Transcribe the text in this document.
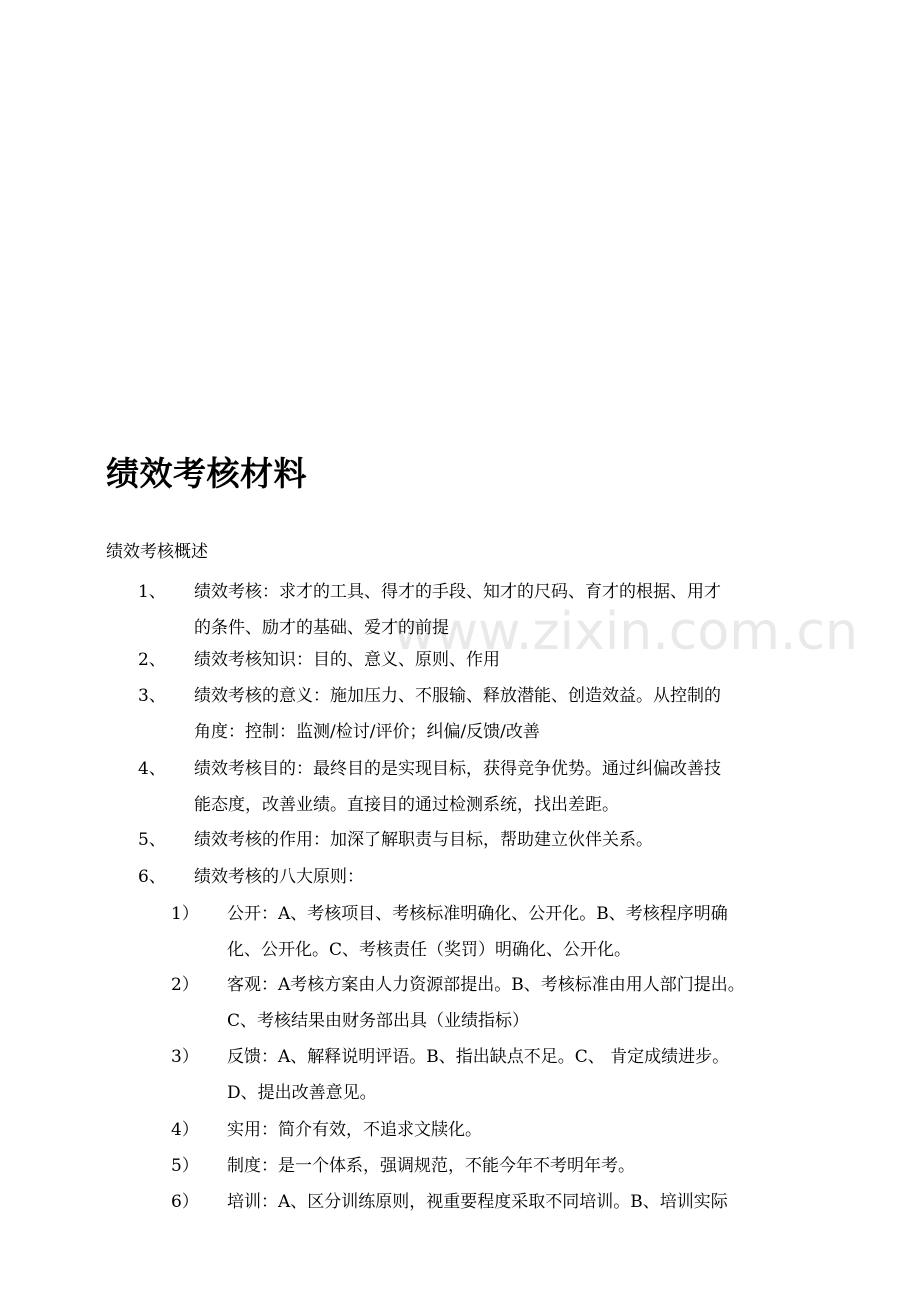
www.zixin.com.cn
绩效考核材料
绩效考核概述
1、 绩效考核：求才的工具、得才的手段、知才的尺码、育才的根据、用才
的条件、励才的基础、爱才的前提
2、 绩效考核知识：目的、意义、原则、作用
3、 绩效考核的意义：施加压力、不服输、释放潜能、创造效益。从控制的
角度：控制：监测/检讨/评价；纠偏/反馈/改善
4、 绩效考核目的：最终目的是实现目标，获得竞争优势。通过纠偏改善技
能态度，改善业绩。直接目的通过检测系统，找出差距。
5、 绩效考核的作用：加深了解职责与目标，帮助建立伙伴关系。
6、 绩效考核的八大原则：
1） 公开：A、考核项目、考核标准明确化、公开化。B、考核程序明确
化、公开化。C、考核责任（奖罚）明确化、公开化。
2） 客观：A考核方案由人力资源部提出。B、考核标准由用人部门提出。
C、考核结果由财务部出具（业绩指标）
3） 反馈：A、解释说明评语。B、指出缺点不足。C、 肯定成绩进步。
D、提出改善意见。
4） 实用：简介有效，不追求文牍化。
5） 制度：是一个体系，强调规范，不能今年不考明年考。
6） 培训：A、区分训练原则，视重要程度采取不同培训。B、培训实际
